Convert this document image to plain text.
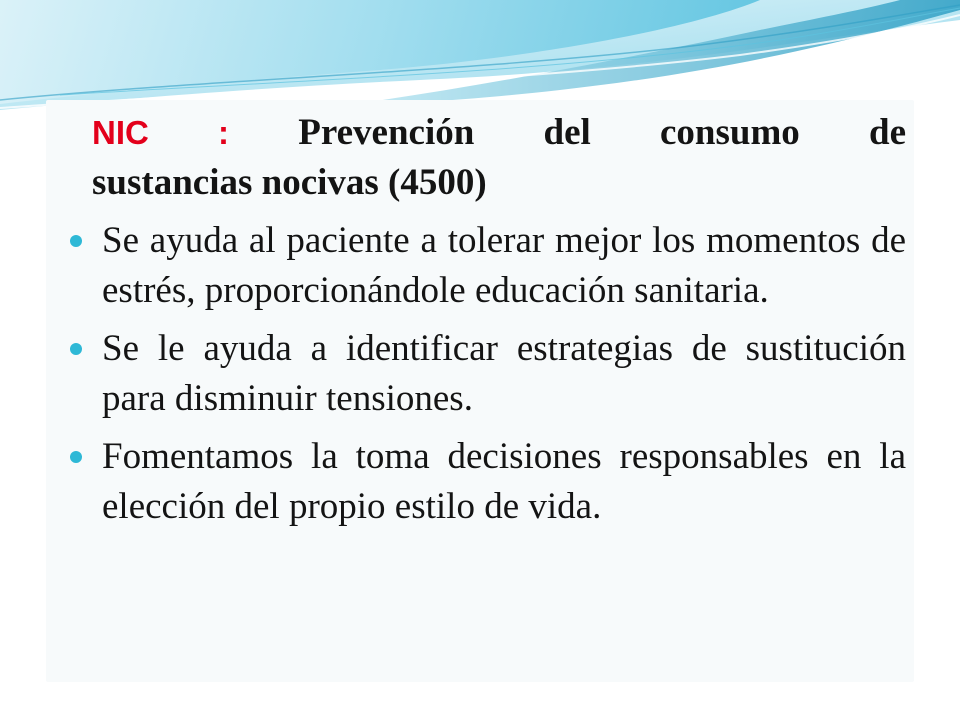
NIC : Prevención del consumo de
sustancias nocivas (4500)
Se ayuda al paciente a tolerar mejor los momentos de estrés, proporcionándole educación sanitaria.
Se le ayuda a identificar estrategias de sustitución para disminuir tensiones.
Fomentamos la toma decisiones responsables en la elección del propio estilo de vida.
